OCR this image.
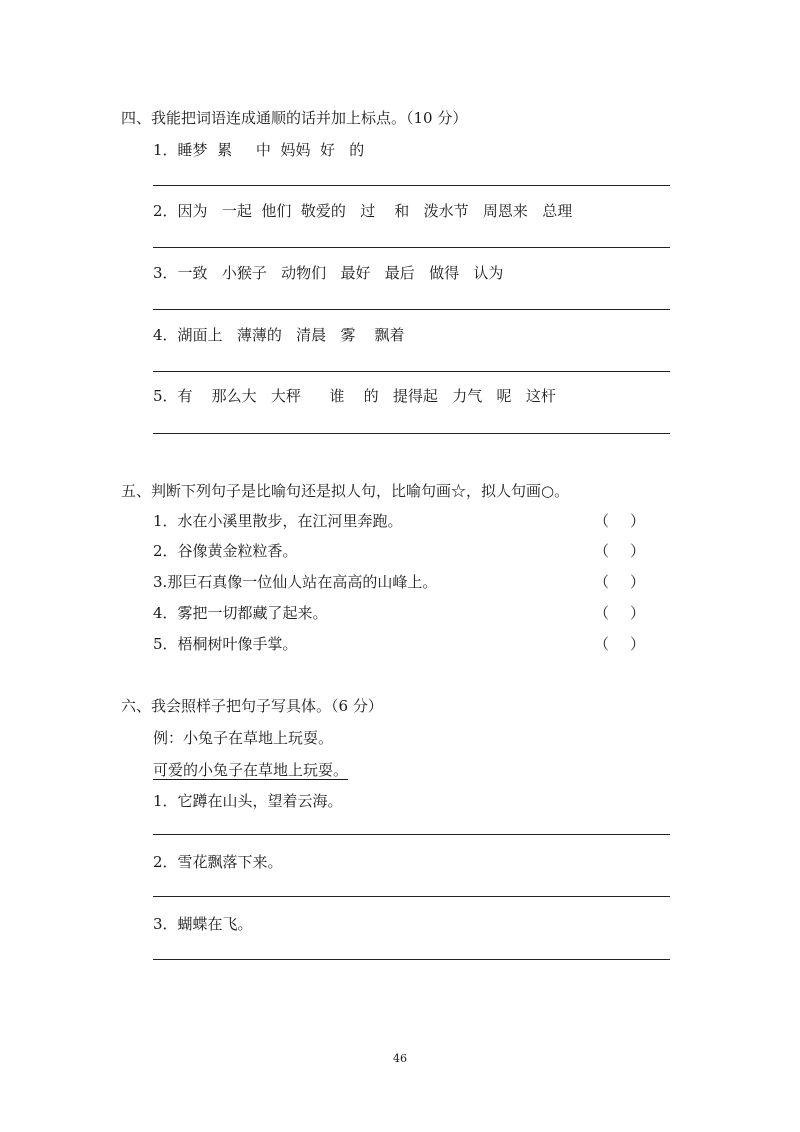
四、我能把词语连成通顺的话并加上标点。（10 分）
1．睡梦  累     中  妈妈  好   的
2．因为   一起  他们  敬爱的   过    和   泼水节   周恩来   总理
3．一致   小猴子   动物们   最好   最后   做得   认为
4．湖面上   薄薄的   清晨   雾    飘着
5．有    那么大   大秤      谁    的   提得起   力气   呢   这杆
五、判断下列句子是比喻句还是拟人句，比喻句画☆，拟人句画○。
1．水在小溪里散步，在江河里奔跑。	（ ）
2．谷像黄金粒粒香。	（ ）
3.那巨石真像一位仙人站在高高的山峰上。	（ ）
4．雾把一切都藏了起来。	（ ）
5．梧桐树叶像手掌。	（ ）
六、我会照样子把句子写具体。（6 分）
例：小兔子在草地上玩耍。
可爱的小兔子在草地上玩耍。
1．它蹲在山头，望着云海。
2．雪花飘落下来。
3．蝴蝶在飞。
46
